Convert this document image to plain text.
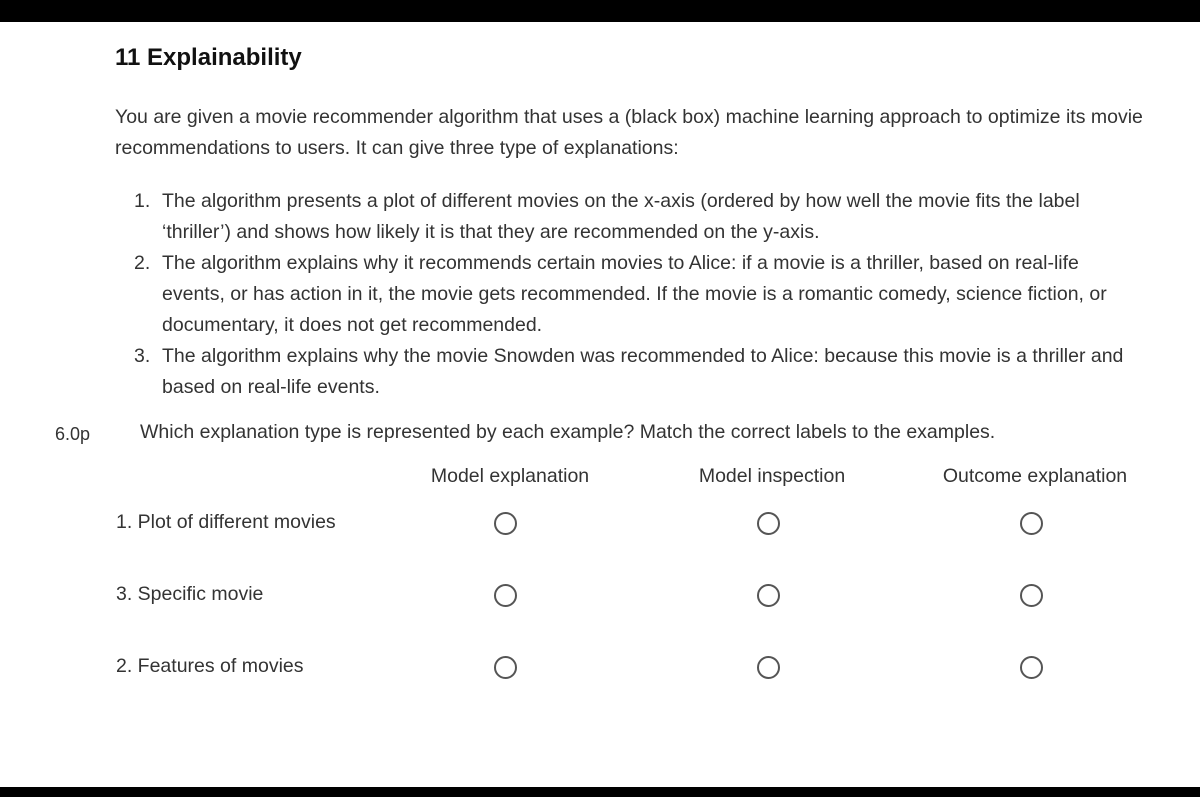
11 Explainability

You are given a movie recommender algorithm that uses a (black box) machine learning approach to optimize its movie recommendations to users. It can give three type of explanations:

1. The algorithm presents a plot of different movies on the x-axis (ordered by how well the movie fits the label ‘thriller’) and shows how likely it is that they are recommended on the y-axis.
2. The algorithm explains why it recommends certain movies to Alice: if a movie is a thriller, based on real-life events, or has action in it, the movie gets recommended. If the movie is a romantic comedy, science fiction, or documentary, it does not get recommended.
3. The algorithm explains why the movie Snowden was recommended to Alice: because this movie is a thriller and based on real-life events.
6.0p	Which explanation type is represented by each example? Match the correct labels to the examples.
Model explanation	Model inspection	Outcome explanation
1. Plot of different movies
3. Specific movie
2. Features of movies
